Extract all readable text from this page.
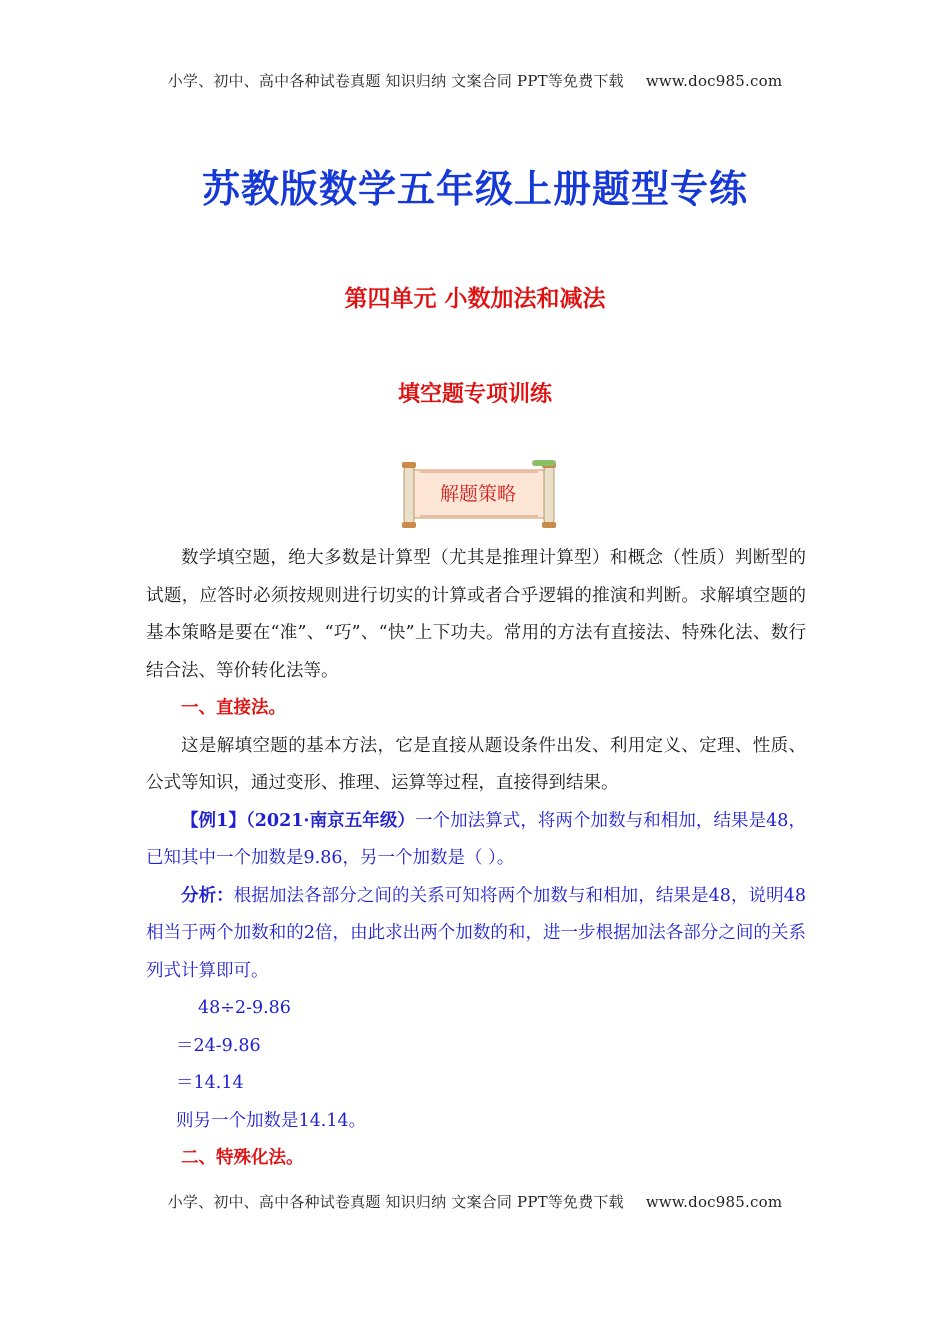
小学、初中、高中各种试卷真题 知识归纳 文案合同 PPT等免费下载 www.doc985.com
苏教版数学五年级上册题型专练
第四单元 小数加法和减法
填空题专项训练
解题策略

数学填空题，绝大多数是计算型（尤其是推理计算型）和概念（性质）判断型的试题，应答时必须按规则进行切实的计算或者合乎逻辑的推演和判断。求解填空题的基本策略是要在“准”、“巧”、“快”上下功夫。常用的方法有直接法、特殊化法、数行结合法、等价转化法等。

一、直接法。

这是解填空题的基本方法，它是直接从题设条件出发、利用定义、定理、性质、公式等知识，通过变形、推理、运算等过程，直接得到结果。

【例1】（2021·南京五年级）一个加法算式，将两个加数与和相加，结果是48，已知其中一个加数是9.86，另一个加数是（ ）。

分析：根据加法各部分之间的关系可知将两个加数与和相加，结果是48，说明48相当于两个加数和的2倍，由此求出两个加数的和，进一步根据加法各部分之间的关系列式计算即可。

48÷2-9.86

＝24-9.86

＝14.14

则另一个加数是14.14。

二、特殊化法。

小学、初中、高中各种试卷真题 知识归纳 文案合同 PPT等免费下载 www.doc985.com
